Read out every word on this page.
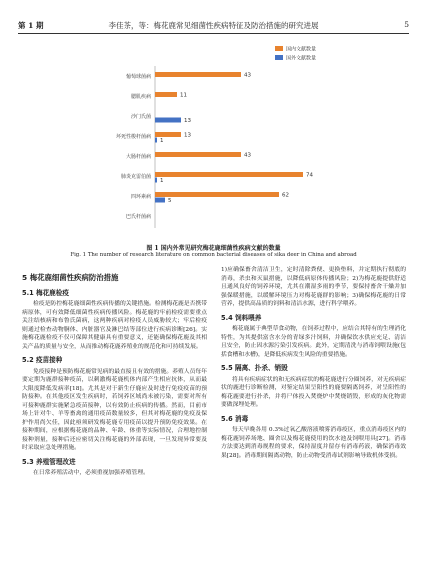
第 1 期	李佳茶，等：梅花鹿常见细菌性疾病特征及防治措施的研究进展	5
葡萄球菌病	43
腮肌疾病	11
沙门氏菌
13
坏死性梭杆菌病	13
1
大肠杆菌病	43
肺炎克雷伯菌	74
1
四环素病	62
5
巴氏杆菌病
国内文献数量
国外文献数量
图 1 国内外常见研究梅花鹿细菌性疾病文献的数量
Fig. 1 The number of research literature on common bacterial diseases of sika deer in China and abroad
5 梅花鹿细菌性疾病防治措施
5.1 梅花鹿检疫

检疫是防控梅花鹿细菌性疾病传播的关键措施。检测梅花鹿是否携带病原体，可有效降低细菌性疾病传播风险。梅花鹿的牢前检疫需要重点关注结核病和布鲁氏菌病，这两种疾病对检疫人员威胁较大；牢后检疫则通过检查动物胴体、内脏器官及淋巴结等部位进行疾病诊断[26]。实施梅花鹿检疫不仅可保障其健康具有重要意义，还能确保梅花鹿及其相关产品的质量与安全，从而推动梅花鹿养殖业的规范化和可持续发展。

5.2 疫苗接种

免疫接种是预防梅花鹿常见病的最直接且有效的措施。养殖人员每年要定期为鹿群接种疫苗，以刺激梅花鹿机体内部产生相应抗体，从而最大限度降低发病率[18]。尤其是对于新生仔鹿应及时进行免疫疫苗的预防接种。在其他疫区发生疾病时，若饲养区域尚未被污染，需要对所有可接种鹿群实施紧急疫苗接种，以有效防止疾病的传播。然而，目前市场上针对牛、羊等畜禽的通用疫苗数量较多，但其对梅花鹿的免疫及保护作用尚欠佳，因此亟须研发梅花鹿专用疫苗以提升预防免疫效果。在接种期间，应根据梅花鹿的品种、年龄、体重等实际情况，合理地控制接种剂量，接种后还应密切关注梅花鹿的外部表现，一旦发现异常要及时采取应急处理措施。

5.3 养殖管理改进

在日常养殖活动中，必须重视加强养殖管理。

1)应确保畜舍清洁卫生，定时清除粪便、更换垫料，并定期执行彻底的消毒，杀虫和灭鼠措施，以降低病原体传播风险；2)为梅花鹿提供舒适且通风良好的饲养环境，尤其在潮湿多雨的季节，要保持畜舍干燥并加强保暖措施，以缓解环境压力对梅花鹿群的影响；3)确保梅花鹿的日常营养，提供高品质的饲料和清洁水源，进行科学喂养。

5.4 饲料喂养

梅花鹿属于典型草食动物，在饲养过程中，应结合其特有的生理消化特性，为其提供富含水分的青绿多汁饲料，并确保饮水供应充足、清洁且安全，防止因水源污染引发疾病。此外，定期清洗与消毒饲喂设施(包括食槽和水槽)，是降低疾病发生风险的重要措施。

5.5 隔离、扑杀、销毁

将具有疾病症状的和无疾病症状的梅花鹿进行分圈饲养，对无疾病症状的鹿进行诊断检测，对鉴定结果呈阳性的鹿要隔离饲养，对呈阳性的梅花鹿要进行扑杀，并将尸体投入焚烧炉中焚烧销毁，形成的灰化物需要做深埋处理。

5.6 消毒

每天早晚各用 0.3%过氧乙酸溶液喷雾消毒疫区，重点消毒疫区内的梅花鹿饲养场地、圈舍以及梅花鹿使用的饮水池及饲喂用具[27]。消毒方法要达到消毒规程的要求，保持湿度并留存有消毒药液，确保消毒效果[28]。消毒期间隔离动物，防止动物受消毒试剂影响导致机体受损。
